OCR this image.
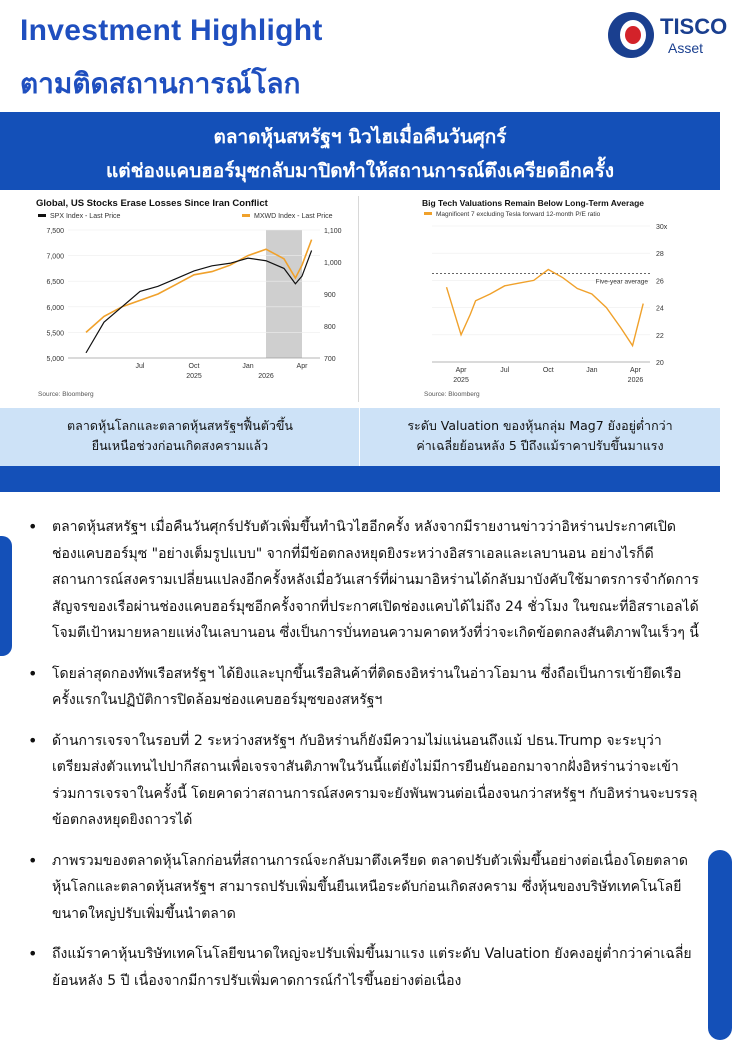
Investment Highlight
ตามติดสถานการณ์โลก
TISCO
Asset
ตลาดหุ้นสหรัฐฯ นิวไฮเมื่อคืนวันศุกร์
แต่ช่องแคบฮอร์มุซกลับมาปิดทำให้สถานการณ์ตึงเครียดอีกครั้ง
Global, US Stocks Erase Losses Since Iran Conflict
SPX Index - Last Price	MXWD Index - Last Price
7,500
7,000
6,500
6,000
5,500
5,000
1,100
1,000
900
800
700
Jul	Oct	Jan	Apr
2025	2026
Source: Bloomberg
Big Tech Valuations Remain Below Long-Term Average
Magnificent 7 excluding Tesla forward 12-month P/E ratio
30x
28
26
24
22
20
Five-year average
Apr	Jul	Oct	Jan	Apr
2025	2026
Source: Bloomberg
ตลาดหุ้นโลกและตลาดหุ้นสหรัฐฯฟื้นตัวขึ้น
ยืนเหนือช่วงก่อนเกิดสงครามแล้ว
ระดับ Valuation ของหุ้นกลุ่ม Mag7 ยังอยู่ต่ำกว่า
ค่าเฉลี่ยย้อนหลัง 5 ปีถึงแม้ราคาปรับขึ้นมาแรง
• ตลาดหุ้นสหรัฐฯ เมื่อคืนวันศุกร์ปรับตัวเพิ่มขึ้นทำนิวไฮอีกครั้ง หลังจากมีรายงานข่าวว่าอิหร่านประกาศเปิดช่องแคบฮอร์มุซ "อย่างเต็มรูปแบบ" จากที่มีข้อตกลงหยุดยิงระหว่างอิสราเอลและเลบานอน อย่างไรก็ดี สถานการณ์สงครามเปลี่ยนแปลงอีกครั้งหลังเมื่อวันเสาร์ที่ผ่านมาอิหร่านได้กลับมาบังคับใช้มาตรการจำกัดการสัญจรของเรือผ่านช่องแคบฮอร์มุซอีกครั้งจากที่ประกาศเปิดช่องแคบได้ไม่ถึง 24 ชั่วโมง ในขณะที่อิสราเอลได้โจมตีเป้าหมายหลายแห่งในเลบานอน ซึ่งเป็นการบั่นทอนความคาดหวังที่ว่าจะเกิดข้อตกลงสันติภาพในเร็วๆ นี้
• โดยล่าสุดกองทัพเรือสหรัฐฯ ได้ยิงและบุกขึ้นเรือสินค้าที่ติดธงอิหร่านในอ่าวโอมาน ซึ่งถือเป็นการเข้ายึดเรือครั้งแรกในปฏิบัติการปิดล้อมช่องแคบฮอร์มุซของสหรัฐฯ
• ด้านการเจรจาในรอบที่ 2 ระหว่างสหรัฐฯ กับอิหร่านก็ยังมีความไม่แน่นอนถึงแม้ ปธน.Trump จะระบุว่าเตรียมส่งตัวแทนไปปากีสถานเพื่อเจรจาสันติภาพในวันนี้แต่ยังไม่มีการยืนยันออกมาจากฝั่งอิหร่านว่าจะเข้าร่วมการเจรจาในครั้งนี้ โดยคาดว่าสถานการณ์สงครามจะยังพันพวนต่อเนื่องจนกว่าสหรัฐฯ กับอิหร่านจะบรรลุข้อตกลงหยุดยิงถาวรได้
• ภาพรวมของตลาดหุ้นโลกก่อนที่สถานการณ์จะกลับมาตึงเครียด ตลาดปรับตัวเพิ่มขึ้นอย่างต่อเนื่องโดยตลาดหุ้นโลกและตลาดหุ้นสหรัฐฯ สามารถปรับเพิ่มขึ้นยืนเหนือระดับก่อนเกิดสงคราม ซึ่งหุ้นของบริษัทเทคโนโลยีขนาดใหญ่ปรับเพิ่มขึ้นนำตลาด
• ถึงแม้ราคาหุ้นบริษัทเทคโนโลยีขนาดใหญ่จะปรับเพิ่มขึ้นมาแรง แต่ระดับ Valuation ยังคงอยู่ต่ำกว่าค่าเฉลี่ยย้อนหลัง 5 ปี เนื่องจากมีการปรับเพิ่มคาดการณ์กำไรขึ้นอย่างต่อเนื่อง
